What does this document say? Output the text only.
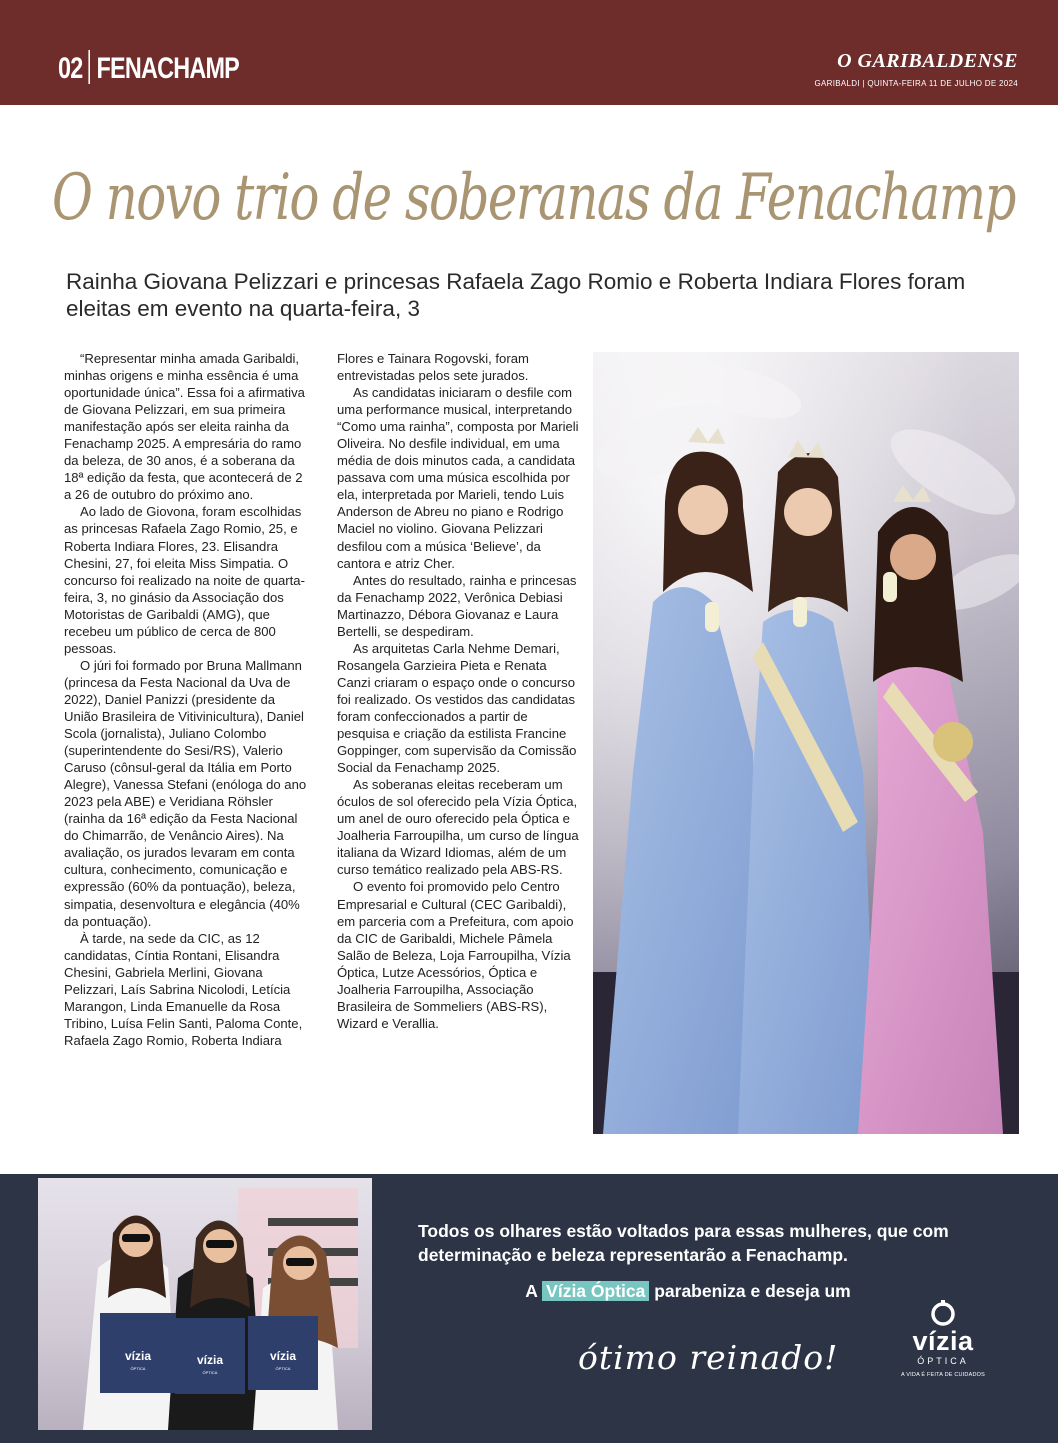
02 FENACHAMP	O GARIBALDENSE
GARIBALDI | QUINTA-FEIRA 11 DE JULHO DE 2024
O novo trio de soberanas da Fenachamp
Rainha Giovana Pelizzari e princesas Rafaela Zago Romio e Roberta Indiara Flores foram eleitas em evento na quarta-feira, 3

“Representar minha amada Garibaldi, minhas origens e minha essência é uma oportunidade única”. Essa foi a afirmativa de Giovana Pelizzari, em sua primeira manifestação após ser eleita rainha da Fenachamp 2025. A empresária do ramo da beleza, de 30 anos, é a soberana da 18ª edição da festa, que acontecerá de 2 a 26 de outubro do próximo ano.

Ao lado de Giovona, foram escolhidas as princesas Rafaela Zago Romio, 25, e Roberta Indiara Flores, 23. Elisandra Chesini, 27, foi eleita Miss Simpatia. O concurso foi realizado na noite de quarta-feira, 3, no ginásio da Associação dos Motoristas de Garibaldi (AMG), que recebeu um público de cerca de 800 pessoas.

O júri foi formado por Bruna Mallmann (princesa da Festa Nacional da Uva de 2022), Daniel Panizzi (presidente da União Brasileira de Vitivinicultura), Daniel Scola (jornalista), Juliano Colombo (superintendente do Sesi/RS), Valerio Caruso (cônsul-geral da Itália em Porto Alegre), Vanessa Stefani (enóloga do ano 2023 pela ABE) e Veridiana Röhsler (rainha da 16ª edição da Festa Nacional do Chimarrão, de Venâncio Aires). Na avaliação, os jurados levaram em conta cultura, conhecimento, comunicação e expressão (60% da pontuação), beleza, simpatia, desenvoltura e elegância (40% da pontuação).

À tarde, na sede da CIC, as 12 candidatas, Cíntia Rontani, Elisandra Chesini, Gabriela Merlini, Giovana Pelizzari, Laís Sabrina Nicolodi, Letícia Marangon, Linda Emanuelle da Rosa Tribino, Luísa Felin Santi, Paloma Conte, Rafaela Zago Romio, Roberta Indiara

Flores e Tainara Rogovski, foram entrevistadas pelos sete jurados.

As candidatas iniciaram o desfile com uma performance musical, interpretando “Como uma rainha”, composta por Marieli Oliveira. No desfile individual, em uma média de dois minutos cada, a candidata passava com uma música escolhida por ela, interpretada por Marieli, tendo Luis Anderson de Abreu no piano e Rodrigo Maciel no violino. Giovana Pelizzari desfilou com a música ‘Believe’, da cantora e atriz Cher.

Antes do resultado, rainha e princesas da Fenachamp 2022, Verônica Debiasi Martinazzo, Débora Giovanaz e Laura Bertelli, se despediram.

As arquitetas Carla Nehme Demari, Rosangela Garzieira Pieta e Renata Canzi criaram o espaço onde o concurso foi realizado. Os vestidos das candidatas foram confeccionados a partir de pesquisa e criação da estilista Francine Goppinger, com supervisão da Comissão Social da Fenachamp 2025.

As soberanas eleitas receberam um óculos de sol oferecido pela Vízia Óptica, um anel de ouro oferecido pela Óptica e Joalheria Farroupilha, um curso de língua italiana da Wizard Idiomas, além de um curso temático realizado pela ABS-RS.

O evento foi promovido pelo Centro Empresarial e Cultural (CEC Garibaldi), em parceria com a Prefeitura, com apoio da CIC de Garibaldi, Michele Pâmela Salão de Beleza, Loja Farroupilha, Vízia Óptica, Lutze Acessórios, Óptica e Joalheria Farroupilha, Associação Brasileira de Sommeliers (ABS-RS), Wizard e Verallia.

vízia
ÓPTICA
vízia
ÓPTICA
vízia
ÓPTICA
Todos os olhares estão voltados para essas mulheres, que com determinação e beleza representarão a Fenachamp.
A Vízia Óptica parabeniza e deseja um
ótimo reinado!	vízia
ÓPTICA
A VIDA É FEITA DE CUIDADOS
